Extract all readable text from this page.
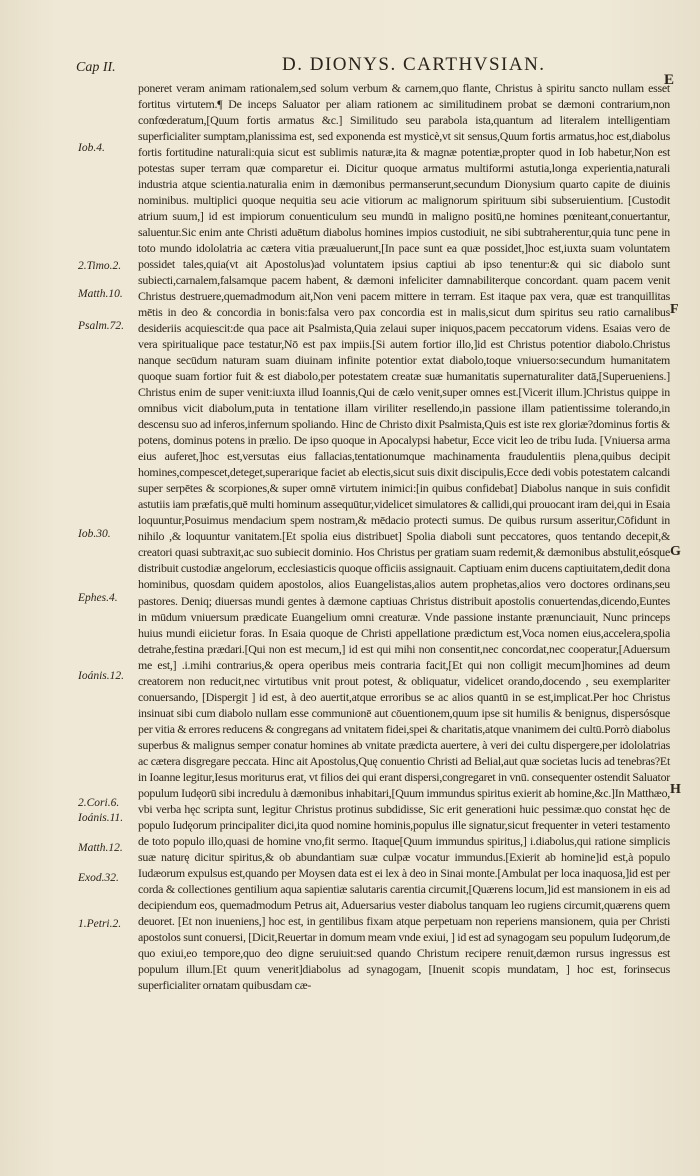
Cap II.	D. DIONYS. CARTHVSIAN.
E
poneret veram animam rationalem,sed solum verbum & carnem,quo flante, Christus à spiritu sancto nullam esset fortitus virtutem.¶ De inceps Saluator per aliam rationem ac similitudinem probat se dæmoni contrarium,non confœderatum,[Quum fortis armatus &c.] Similitudo seu parabola ista,quantum ad literalem intelligentiam superficialiter sumptam,planissima est, sed exponenda est mysticè,vt sit sensus,Quum fortis armatus,hoc est,diabolus fortis fortitudine naturali:quia sicut est sublimis naturæ,ita & magnæ potentiæ,propter quod in Iob habetur,Non est potestas super terram quæ comparetur ei. Dicitur quoque armatus multiformi astutia,longa experientia,naturali industria atque scientia.naturalia enim in dæmonibus permanserunt,secundum Dionysium quarto capite de diuinis nominibus. multiplici quoque nequitia seu acie vitiorum ac malignorum spirituum sibi subseruientium. [Custodit atrium suum,] id est impiorum conuenticulum seu mundū in maligno positū,ne homines pœniteant,conuertantur, saluentur.Sic enim ante Christi aduētum diabolus homines impios custodiuit, ne sibi subtraherentur,quia tunc pene in toto mundo idololatria ac cætera vitia præualuerunt,[In pace sunt ea quæ possidet,]hoc est,iuxta suam voluntatem possidet tales,quia(vt ait Apostolus)ad voluntatem ipsius captiui ab ipso tenentur:& qui sic diabolo sunt subiecti,carnalem,falsamque pacem habent, & dæmoni infeliciter damnabiliterque concordant. quam pacem venit Christus destruere,quemadmodum ait,Non veni pacem mittere in terram. Est itaque pax vera, quæ est tranquillitas mētis in deo & concordia in bonis:falsa vero pax concordia est in malis,sicut dum spiritus seu ratio carnalibus desideriis acquiescit:de qua pace ait Psalmista,Quia zelaui super iniquos,pacem peccatorum videns. Esaias vero de vera spiritualique pace testatur,Nō est pax impiis.[Si autem fortior illo,]id est Christus potentior diabolo.Christus nanque secūdum naturam suam diuinam infinite potentior extat diabolo,toque vniuerso:secundum humanitatem quoque suam fortior fuit & est diabolo,per potestatem creatæ suæ humanitatis supernaturaliter datā,[Superueniens.] Christus enim de super venit:iuxta illud Ioannis,Qui de cælo venit,super omnes est.[Vicerit illum.]Christus quippe in omnibus vicit diabolum,puta in tentatione illam viriliter resellendo,in passione illam patientissime tolerando,in descensu suo ad inferos,infernum spoliando. Hinc de Christo dixit Psalmista,Quis est iste rex gloriæ?dominus fortis & potens, dominus potens in prælio. De ipso quoque in Apocalypsi habetur, Ecce vicit leo de tribu Iuda. [Vniuersa arma eius auferet,]hoc est,versutas eius fallacias,tentationumque machinamenta fraudulentiis plena,quibus decipit homines,compescet,deteget,superarique faciet ab electis,sicut suis dixit discipulis,Ecce dedi vobis potestatem calcandi super serpētes & scorpiones,& super omnē virtutem inimici:[in quibus confidebat] Diabolus nanque in suis confidit astutiis iam præfatis,quē multi hominum assequūtur,videlicet simulatores & callidi,qui prouocant iram dei,qui in Esaia loquuntur,Posuimus mendacium spem nostram,& mēdacio protecti sumus. De quibus rursum asseritur,Cōfidunt in nihilo ,& loquuntur vanitatem.[Et spolia eius distribuet] Spolia diaboli sunt peccatores, quos tentando decepit,& creatori quasi subtraxit,ac suo subiecit dominio. Hos Christus per gratiam suam redemit,& dæmonibus abstulit,eósque distribuit custodiæ angelorum, ecclesiasticis quoque officiis assignauit. Captiuam enim ducens captiuitatem,dedit dona hominibus, quosdam quidem apostolos, alios Euangelistas,alios autem prophetas,alios vero doctores ordinans,seu pastores. Deniq; diuersas mundi gentes à dæmone captiuas Christus distribuit apostolis conuertendas,dicendo,Euntes in mūdum vniuersum prædicate Euangelium omni creaturæ. Vnde passione instante prænunciauit, Nunc princeps huius mundi eiicietur foras. In Esaia quoque de Christi appellatione prædictum est,Voca nomen eius,accelera,spolia detrahe,festina prædari.[Qui non est mecum,] id est qui mihi non consentit,nec concordat,nec cooperatur,[Aduersum me est,] .i.mihi contrarius,& opera operibus meis contraria facit,[Et qui non colligit mecum]homines ad deum creatorem non reducit,nec virtutibus vnit prout potest, & obliquatur, videlicet orando,docendo , seu exemplariter conuersando, [Dispergit ] id est, à deo auertit,atque erroribus se ac alios quantū in se est,implicat.Per hoc Christus insinuat sibi cum diabolo nullam esse communionē aut cōuentionem,quum ipse sit humilis & benignus, dispersósque per vitia & errores reducens & congregans ad vnitatem fidei,spei & charitatis,atque vnanimem dei cultū.Porrò diabolus superbus & malignus semper conatur homines ab vnitate prædicta auertere, à veri dei cultu dispergere,per idololatrias ac cætera disgregare peccata. Hinc ait Apostolus,Quę conuentio Christi ad Belial,aut quæ societas lucis ad tenebras?Et in Ioanne legitur,Iesus moriturus erat, vt filios dei qui erant dispersi,congregaret in vnū. consequenter ostendit Saluator populum Iudęorū sibi incredulu à dæmonibus inhabitari,[Quum immundus spiritus exierit ab homine,&c.]In Matthæo, vbi verba hęc scripta sunt, legitur Christus protinus subdidisse, Sic erit generationi huic pessimæ.quo constat hęc de populo Iudęorum principaliter dici,ita quod nomine hominis,populus ille signatur,sicut frequenter in veteri testamento de toto populo illo,quasi de homine vno,fit sermo. Itaque[Quum immundus spiritus,] i.diabolus,qui ratione simplicis suæ naturę dicitur spiritus,& ob abundantiam suæ culpæ vocatur immundus.[Exierit ab homine]id est,à populo Iudæorum expulsus est,quando per Moysen data est ei lex à deo in Sinai monte.[Ambulat per loca inaquosa,]id est per corda & collectiones gentilium aqua sapientiæ salutaris carentia circumit,[Quærens locum,]id est mansionem in eis ad decipiendum eos, quemadmodum Petrus ait, Aduersarius vester diabolus tanquam leo rugiens circumit,quærens quem deuoret. [Et non inueniens,] hoc est, in gentilibus fixam atque perpetuam non reperiens mansionem, quia per Christi apostolos sunt conuersi, [Dicit,Reuertar in domum meam vnde exiui, ] id est ad synagogam seu populum Iudęorum,de quo exiui,eo tempore,quo deo digne seruiuit:sed quando Christum recipere renuit,dæmon rursus ingressus est populum illum.[Et quum venerit]diabolus ad synagogam, [Inuenit scopis mundatam, ] hoc est, forinsecus superficialiter ornatam quibusdam cæ-
Iob.4.
2.Timo.2.
Matth.10.
Psalm.72.
Iob.30.
Ephes.4.
Ioánis.12.
2.Cori.6.
Ioánis.11.
Matth.12.
Exod.32.
1.Petri.2.
F
G
H
